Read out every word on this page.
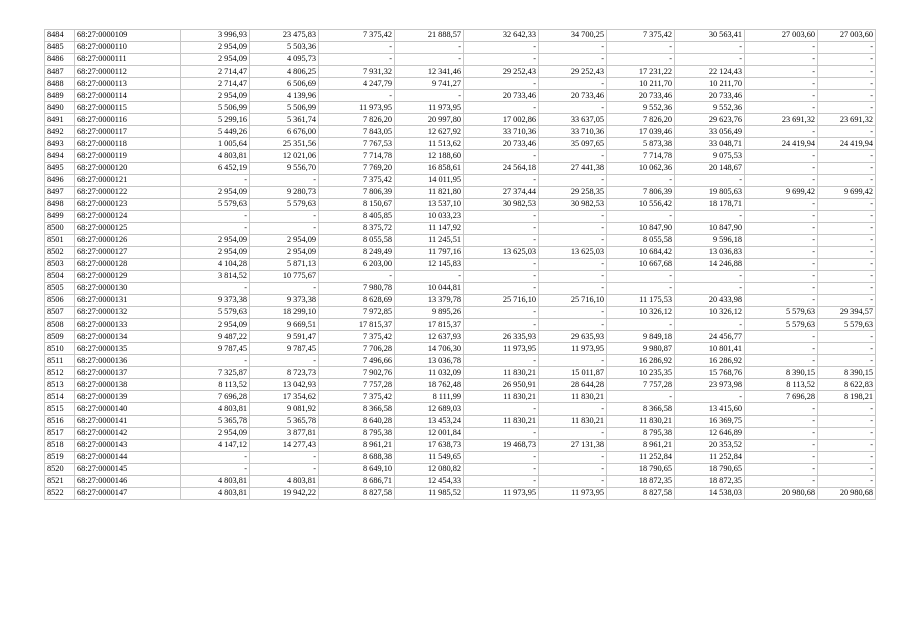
8484	68:27:0000109	3 996,93	23 475,83	7 375,42	21 888,57	32 642,33	34 700,25	7 375,42	30 563,41	27 003,60	27 003,60
8485	68:27:0000110	2 954,09	5 503,36	-	-	-	-	-	-	-	-
8486	68:27:0000111	2 954,09	4 095,73	-	-	-	-	-	-	-	-
8487	68:27:0000112	2 714,47	4 806,25	7 931,32	12 341,46	29 252,43	29 252,43	17 231,22	22 124,43	-	-
8488	68:27:0000113	2 714,47	6 506,69	4 247,79	9 741,27	-	-	10 211,70	10 211,70	-	-
8489	68:27:0000114	2 954,09	4 139,96	-	-	20 733,46	20 733,46	20 733,46	20 733,46	-	-
8490	68:27:0000115	5 506,99	5 506,99	11 973,95	11 973,95	-	-	9 552,36	9 552,36	-	-
8491	68:27:0000116	5 299,16	5 361,74	7 826,20	20 997,80	17 002,86	33 637,05	7 826,20	29 623,76	23 691,32	23 691,32
8492	68:27:0000117	5 449,26	6 676,00	7 843,05	12 627,92	33 710,36	33 710,36	17 039,46	33 056,49	-	-
8493	68:27:0000118	1 005,64	25 351,56	7 767,53	11 513,62	20 733,46	35 097,65	5 873,38	33 048,71	24 419,94	24 419,94
8494	68:27:0000119	4 803,81	12 021,06	7 714,78	12 188,60	-	-	7 714,78	9 075,53	-	-
8495	68:27:0000120	6 452,19	9 556,70	7 769,20	16 858,61	24 564,18	27 441,38	10 062,36	20 148,67	-	-
8496	68:27:0000121	-	-	7 375,42	14 011,95	-	-	-	-	-	-
8497	68:27:0000122	2 954,09	9 280,73	7 806,39	11 821,80	27 374,44	29 258,35	7 806,39	19 805,63	9 699,42	9 699,42
8498	68:27:0000123	5 579,63	5 579,63	8 150,67	13 537,10	30 982,53	30 982,53	10 556,42	18 178,71	-	-
8499	68:27:0000124	-	-	8 405,85	10 033,23	-	-	-	-	-	-
8500	68:27:0000125	-	-	8 375,72	11 147,92	-	-	10 847,90	10 847,90	-	-
8501	68:27:0000126	2 954,09	2 954,09	8 055,58	11 245,51	-	-	8 055,58	9 596,18	-	-
8502	68:27:0000127	2 954,09	2 954,09	8 249,49	11 797,16	13 625,03	13 625,03	10 684,42	13 036,83	-	-
8503	68:27:0000128	4 104,28	5 871,13	6 203,00	12 145,83	-	-	10 667,68	14 246,88	-	-
8504	68:27:0000129	3 814,52	10 775,67	-	-	-	-	-	-	-	-
8505	68:27:0000130	-	-	7 980,78	10 044,81	-	-	-	-	-	-
8506	68:27:0000131	9 373,38	9 373,38	8 628,69	13 379,78	25 716,10	25 716,10	11 175,53	20 433,98	-	-
8507	68:27:0000132	5 579,63	18 299,10	7 972,85	9 895,26	-	-	10 326,12	10 326,12	5 579,63	29 394,57
8508	68:27:0000133	2 954,09	9 669,51	17 815,37	17 815,37	-	-	-	-	5 579,63	5 579,63
8509	68:27:0000134	9 487,22	9 591,47	7 375,42	12 637,93	26 335,93	29 635,93	9 849,18	24 456,77	-	-
8510	68:27:0000135	9 787,45	9 787,45	7 706,28	14 706,30	11 973,95	11 973,95	9 980,87	10 801,41	-	-
8511	68:27:0000136	-	-	7 496,66	13 036,78	-	-	16 286,92	16 286,92	-	-
8512	68:27:0000137	7 325,87	8 723,73	7 902,76	11 032,09	11 830,21	15 011,87	10 235,35	15 768,76	8 390,15	8 390,15
8513	68:27:0000138	8 113,52	13 042,93	7 757,28	18 762,48	26 950,91	28 644,28	7 757,28	23 973,98	8 113,52	8 622,83
8514	68:27:0000139	7 696,28	17 354,62	7 375,42	8 111,99	11 830,21	11 830,21	-	-	7 696,28	8 198,21
8515	68:27:0000140	4 803,81	9 081,92	8 366,58	12 689,03	-	-	8 366,58	13 415,60	-	-
8516	68:27:0000141	5 365,78	5 365,78	8 640,28	13 453,24	11 830,21	11 830,21	11 830,21	16 369,75	-	-
8517	68:27:0000142	2 954,09	3 877,81	8 795,38	12 001,84	-	-	8 795,38	12 646,89	-	-
8518	68:27:0000143	4 147,12	14 277,43	8 961,21	17 638,73	19 468,73	27 131,38	8 961,21	20 353,52	-	-
8519	68:27:0000144	-	-	8 688,38	11 549,65	-	-	11 252,84	11 252,84	-	-
8520	68:27:0000145	-	-	8 649,10	12 080,82	-	-	18 790,65	18 790,65	-	-
8521	68:27:0000146	4 803,81	4 803,81	8 686,71	12 454,33	-	-	18 872,35	18 872,35	-	-
8522	68:27:0000147	4 803,81	19 942,22	8 827,58	11 985,52	11 973,95	11 973,95	8 827,58	14 538,03	20 980,68	20 980,68
